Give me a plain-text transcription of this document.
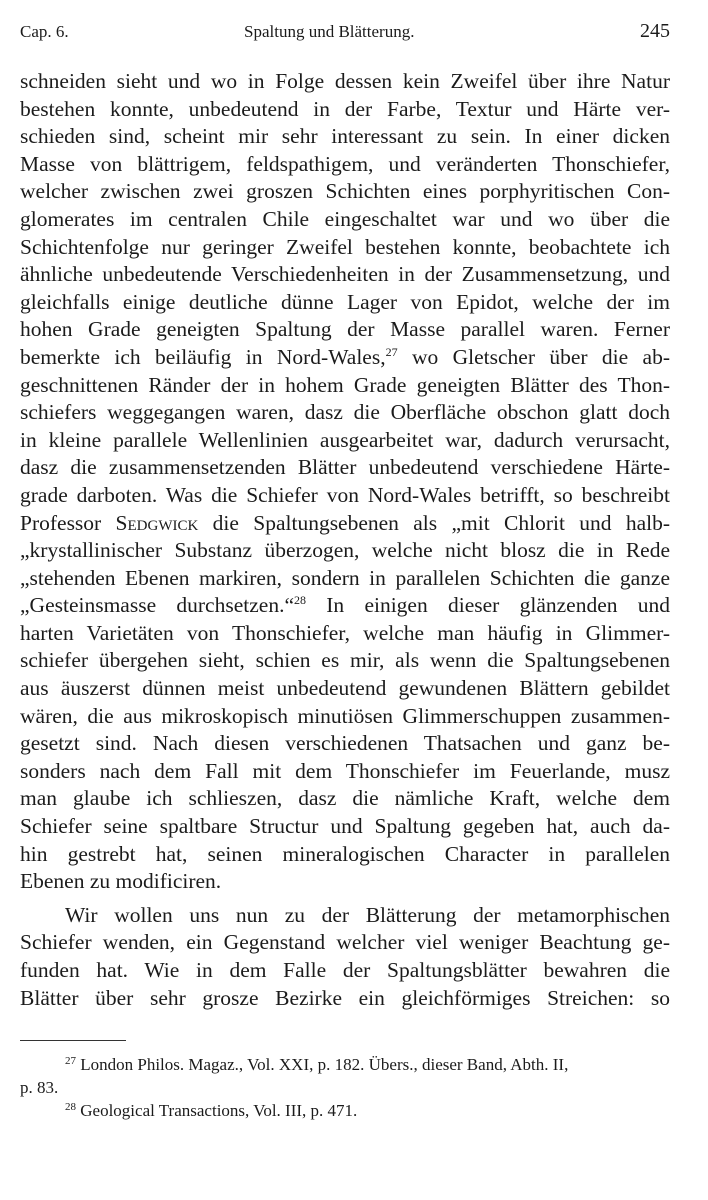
Cap. 6.	Spaltung und Blätterung.	245
schneiden sieht und wo in Folge dessen kein Zweifel über ihre Natur
bestehen konnte, unbedeutend in der Farbe, Textur und Härte ver-
schieden sind, scheint mir sehr interessant zu sein. In einer dicken
Masse von blättrigem, feldspathigem, und veränderten Thonschiefer,
welcher zwischen zwei groszen Schichten eines porphyritischen Con-
glomerates im centralen Chile eingeschaltet war und wo über die
Schichtenfolge nur geringer Zweifel bestehen konnte, beobachtete ich
ähnliche unbedeutende Verschiedenheiten in der Zusammensetzung, und
gleichfalls einige deutliche dünne Lager von Epidot, welche der im
hohen Grade geneigten Spaltung der Masse parallel waren. Ferner
bemerkte ich beiläufig in Nord-Wales,$^{27}$ wo Gletscher über die ab-
geschnittenen Ränder der in hohem Grade geneigten Blätter des Thon-
schiefers weggegangen waren, dasz die Oberfläche obschon glatt doch
in kleine parallele Wellenlinien ausgearbeitet war, dadurch verursacht,
dasz die zusammensetzenden Blätter unbedeutend verschiedene Härte-
grade darboten. Was die Schiefer von Nord-Wales betrifft, so beschreibt
Professor Sedgwick die Spaltungsebenen als „mit Chlorit und halb-
„krystallinischer Substanz überzogen, welche nicht blosz die in Rede
„stehenden Ebenen markiren, sondern in parallelen Schichten die ganze
„Gesteinsmasse durchsetzen.“$^{28}$ In einigen dieser glänzenden und
harten Varietäten von Thonschiefer, welche man häufig in Glimmer-
schiefer übergehen sieht, schien es mir, als wenn die Spaltungsebenen
aus äuszerst dünnen meist unbedeutend gewundenen Blättern gebildet
wären, die aus mikroskopisch minutiösen Glimmerschuppen zusammen-
gesetzt sind. Nach diesen verschiedenen Thatsachen und ganz be-
sonders nach dem Fall mit dem Thonschiefer im Feuerlande, musz
man glaube ich schlieszen, dasz die nämliche Kraft, welche dem
Schiefer seine spaltbare Structur und Spaltung gegeben hat, auch da-
hin gestrebt hat, seinen mineralogischen Character in parallelen
Ebenen zu modificiren.
Wir wollen uns nun zu der Blätterung der metamorphischen
Schiefer wenden, ein Gegenstand welcher viel weniger Beachtung ge-
funden hat. Wie in dem Falle der Spaltungsblätter bewahren die
Blätter über sehr grosze Bezirke ein gleichförmiges Streichen: so
$^{27}$ London Philos. Magaz., Vol. XXI, p. 182. Übers., dieser Band, Abth. II,
p. 83.
$^{28}$ Geological Transactions, Vol. III, p. 471.
